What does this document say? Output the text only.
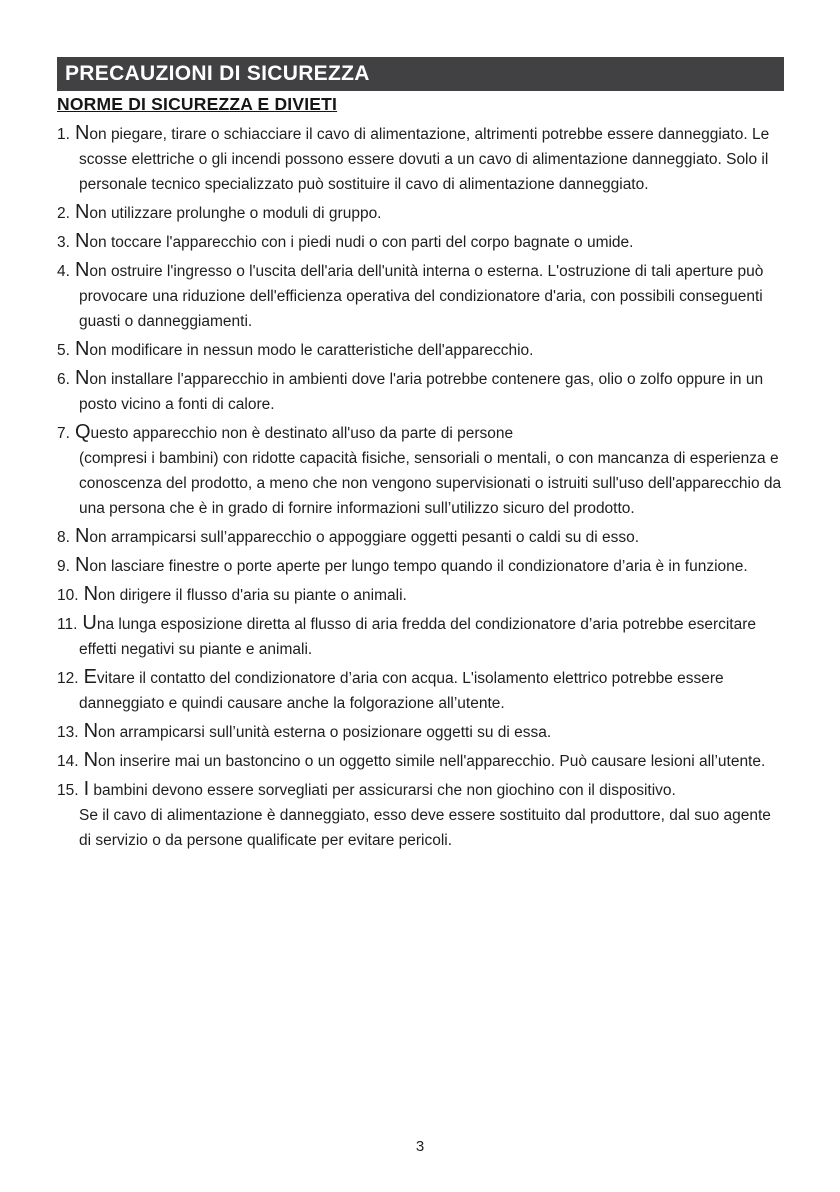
PRECAUZIONI DI SICUREZZA
NORME DI SICUREZZA E DIVIETI

1. Non piegare, tirare o schiacciare il cavo di alimentazione, altrimenti potrebbe essere danneggiato. Le scosse elettriche o gli incendi possono essere dovuti a un cavo di alimentazione danneggiato. Solo il personale tecnico specializzato può sostituire il cavo di alimentazione danneggiato.

2. Non utilizzare prolunghe o moduli di gruppo.

3. Non toccare l'apparecchio con i piedi nudi o con parti del corpo bagnate o umide.

4. Non ostruire l'ingresso o l'uscita dell'aria dell'unità interna o esterna. L'ostruzione di tali aperture può provocare una riduzione dell'efficienza operativa del condizionatore d'aria, con possibili conseguenti guasti o danneggiamenti.

5. Non modificare in nessun modo le caratteristiche dell'apparecchio.

6. Non installare l'apparecchio in ambienti dove l'aria potrebbe contenere gas, olio o zolfo oppure in un posto vicino a fonti di calore.

7. Questo apparecchio non è destinato all'uso da parte di persone

(compresi i bambini) con ridotte capacità fisiche, sensoriali o mentali, o con mancanza di esperienza e conoscenza del prodotto, a meno che non vengono supervisionati o istruiti sull'uso dell'apparecchio da una persona che è in grado di fornire informazioni sull’utilizzo sicuro del prodotto.

8. Non arrampicarsi sull’apparecchio o appoggiare oggetti pesanti o caldi su di esso.

9. Non lasciare finestre o porte aperte per lungo tempo quando il condizionatore d’aria è in funzione.

10. Non dirigere il flusso d'aria su piante o animali.

11. Una lunga esposizione diretta al flusso di aria fredda del condizionatore d’aria potrebbe esercitare effetti negativi su piante e animali.

12. Evitare il contatto del condizionatore d’aria con acqua. L'isolamento elettrico potrebbe essere danneggiato e quindi causare anche la folgorazione all’utente.

13. Non arrampicarsi sull’unità esterna o posizionare oggetti su di essa.

14. Non inserire mai un bastoncino o un oggetto simile nell'apparecchio. Può causare lesioni all’utente.

15. I bambini devono essere sorvegliati per assicurarsi che non giochino con il dispositivo.

Se il cavo di alimentazione è danneggiato, esso deve essere sostituito dal produttore, dal suo agente di servizio o da persone qualificate per evitare pericoli.

3
